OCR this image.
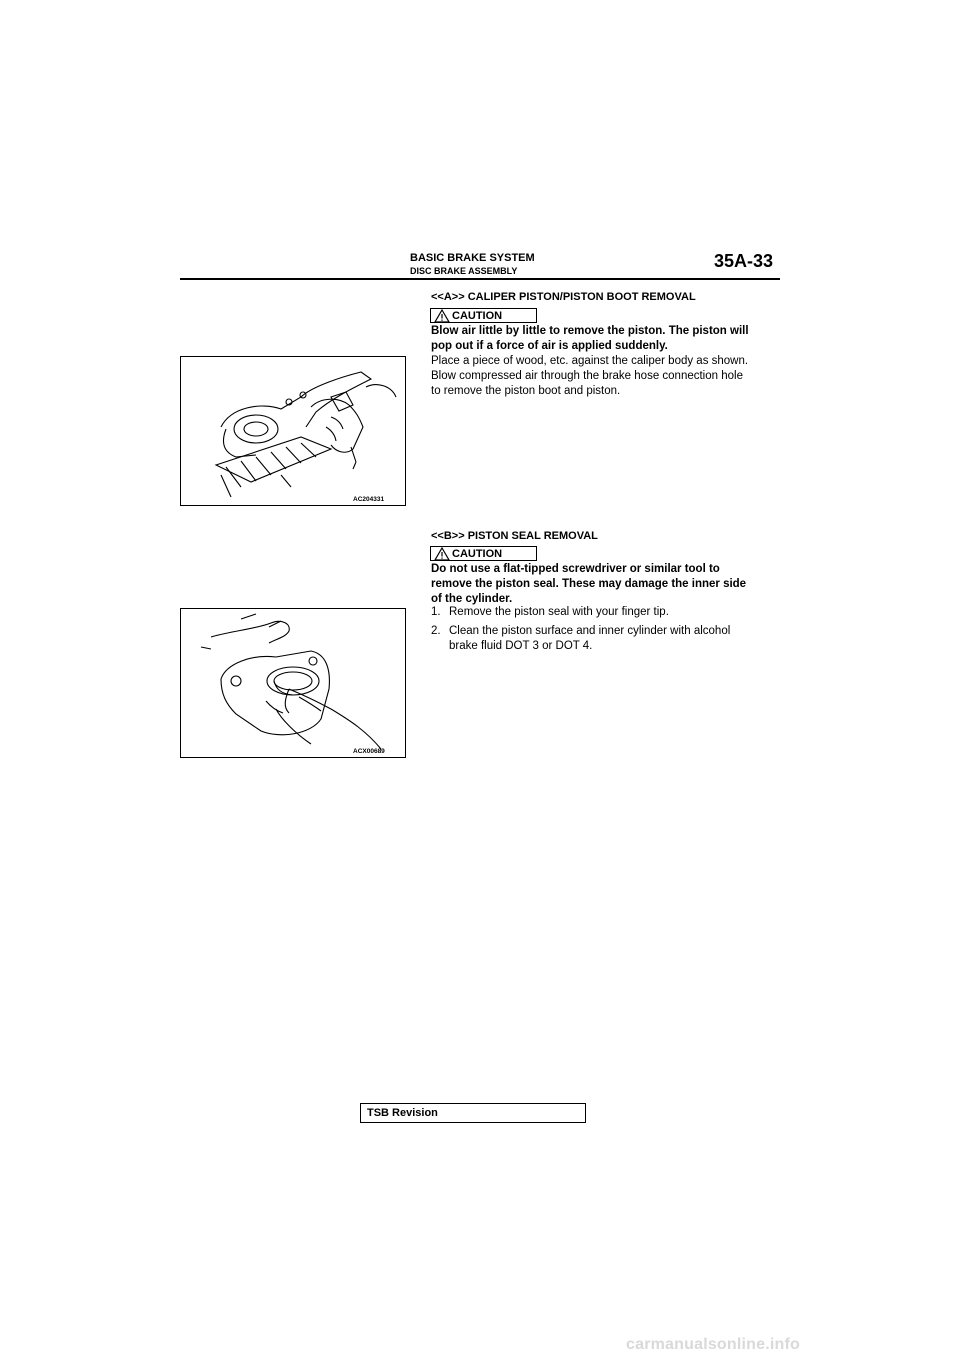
BASIC BRAKE SYSTEM
DISC BRAKE ASSEMBLY	35A-33
<<A>> CALIPER PISTON/PISTON BOOT REMOVAL
CAUTION
Blow air little by little to remove the piston. The piston will
pop out if a force of air is applied suddenly.
Place a piece of wood, etc. against the caliper body as shown.
Blow compressed air through the brake hose connection hole
to remove the piston boot and piston.
AC204331
<<B>> PISTON SEAL REMOVAL
CAUTION
Do not use a flat-tipped screwdriver or similar tool to
remove the piston seal. These may damage the inner side
of the cylinder.
1. Remove the piston seal with your finger tip.
2. Clean the piston surface and inner cylinder with alcohol
brake fluid DOT 3 or DOT 4.
ACX00689
TSB Revision
carmanualsonline.info
